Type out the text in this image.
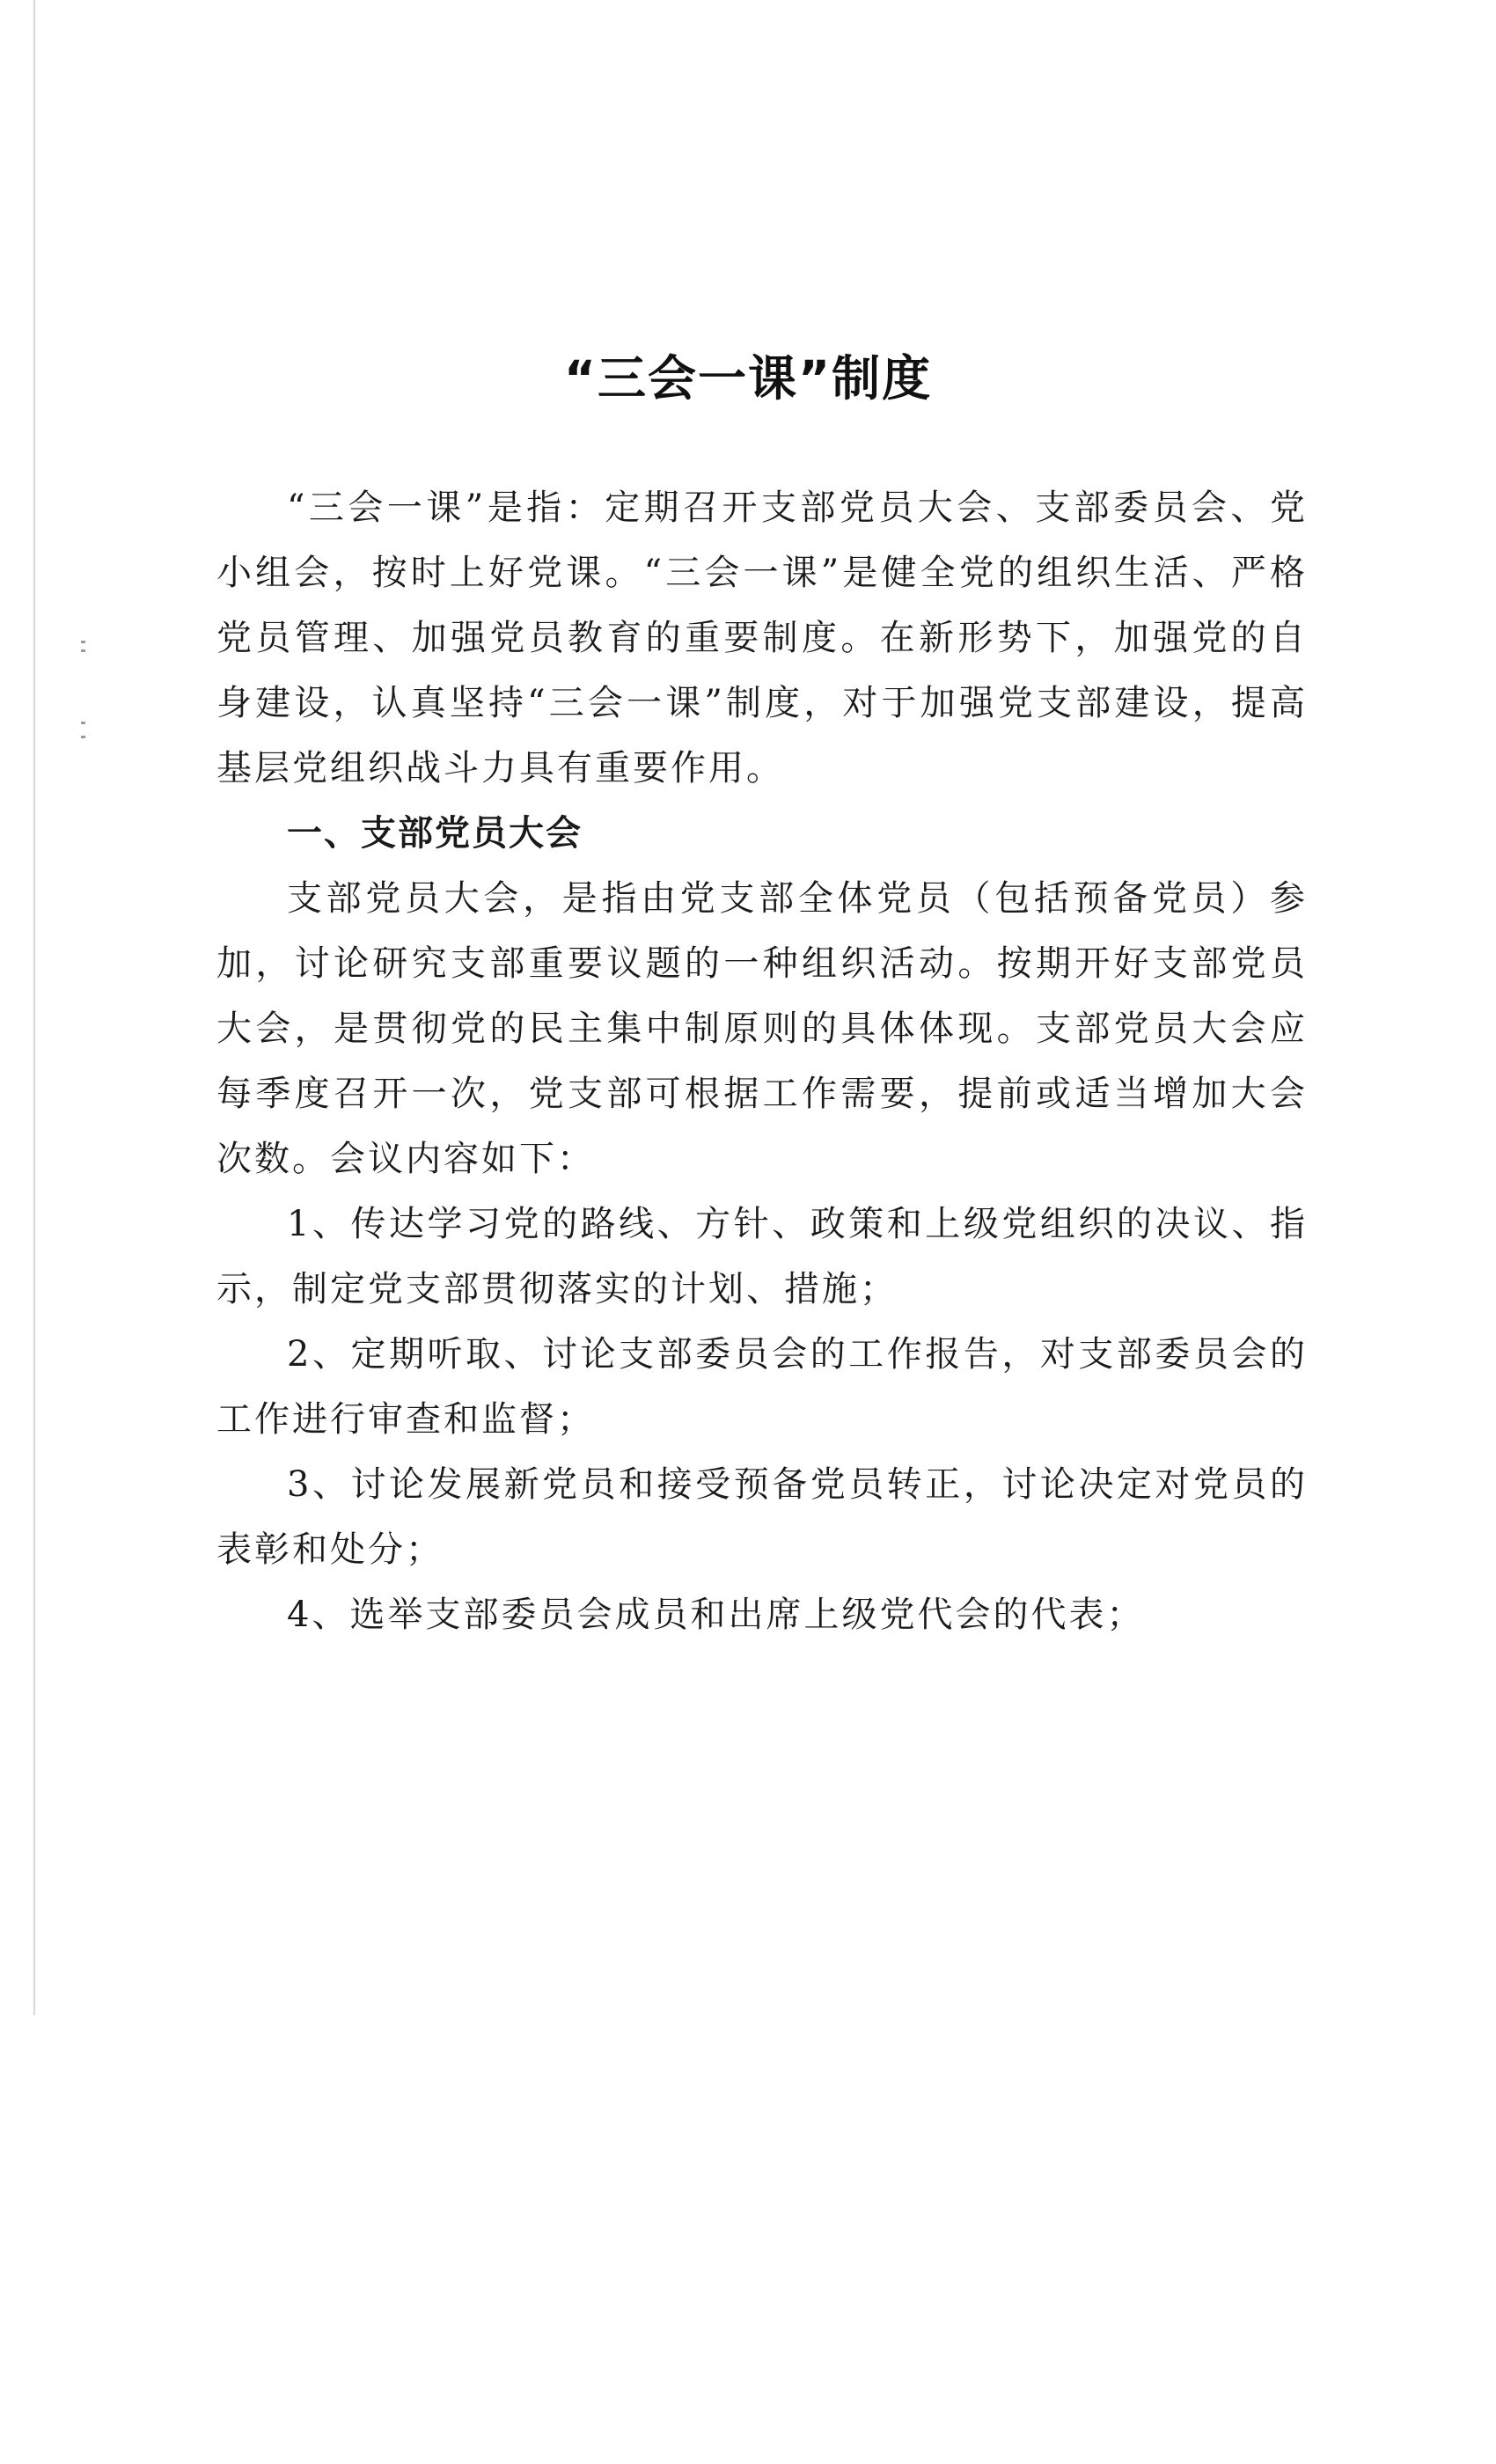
“三会一课”制度

“三会一课”是指：定期召开支部党员大会、支部委员会、党小组会，按时上好党课。“三会一课”是健全党的组织生活、严格党员管理、加强党员教育的重要制度。在新形势下，加强党的自身建设，认真坚持“三会一课”制度，对于加强党支部建设，提高基层党组织战斗力具有重要作用。

一、支部党员大会

支部党员大会，是指由党支部全体党员（包括预备党员）参加，讨论研究支部重要议题的一种组织活动。按期开好支部党员大会，是贯彻党的民主集中制原则的具体体现。支部党员大会应每季度召开一次，党支部可根据工作需要，提前或适当增加大会次数。会议内容如下：

1、传达学习党的路线、方针、政策和上级党组织的决议、指示，制定党支部贯彻落实的计划、措施；

2、定期听取、讨论支部委员会的工作报告，对支部委员会的工作进行审查和监督；

3、讨论发展新党员和接受预备党员转正，讨论决定对党员的表彰和处分；

4、选举支部委员会成员和出席上级党代会的代表；
